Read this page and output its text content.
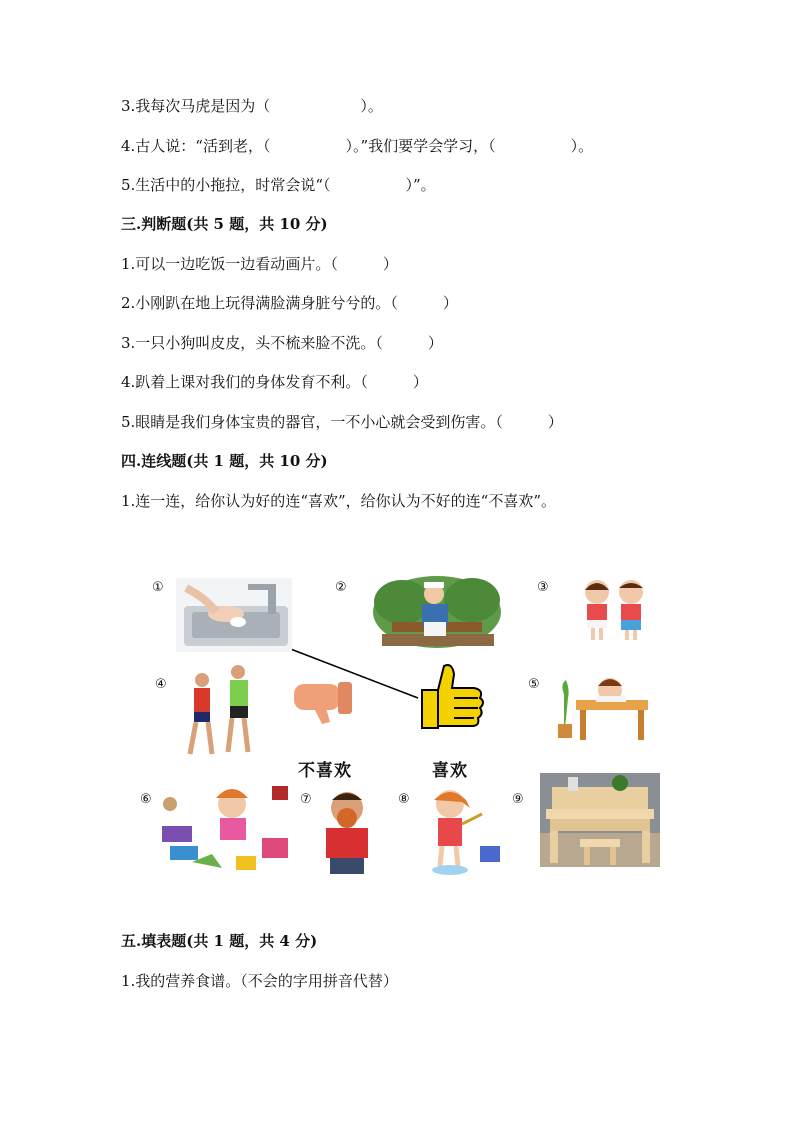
3.我每次马虎是因为（　　　　　　）。
4.古人说：“活到老，（　　　　　）。”我们要学会学习，（　　　　　）。
5.生活中的小拖拉，时常会说“（　　　　　）”。
三.判断题(共 5 题，共 10 分)
1.可以一边吃饭一边看动画片。（　　　）
2.小刚趴在地上玩得满脸满身脏兮兮的。（　　　）
3.一只小狗叫皮皮，头不梳来脸不洗。（　　　）
4.趴着上课对我们的身体发育不利。（　　　）
5.眼睛是我们身体宝贵的器官，一不小心就会受到伤害。（　　　）
四.连线题(共 1 题，共 10 分)
1.连一连，给你认为好的连“喜欢”，给你认为不好的连“不喜欢”。
①	②	③
④
不喜欢	喜欢
⑤
⑥	⑦	⑧	⑨
五.填表题(共 1 题，共 4 分)
1.我的营养食谱。（不会的字用拼音代替）
